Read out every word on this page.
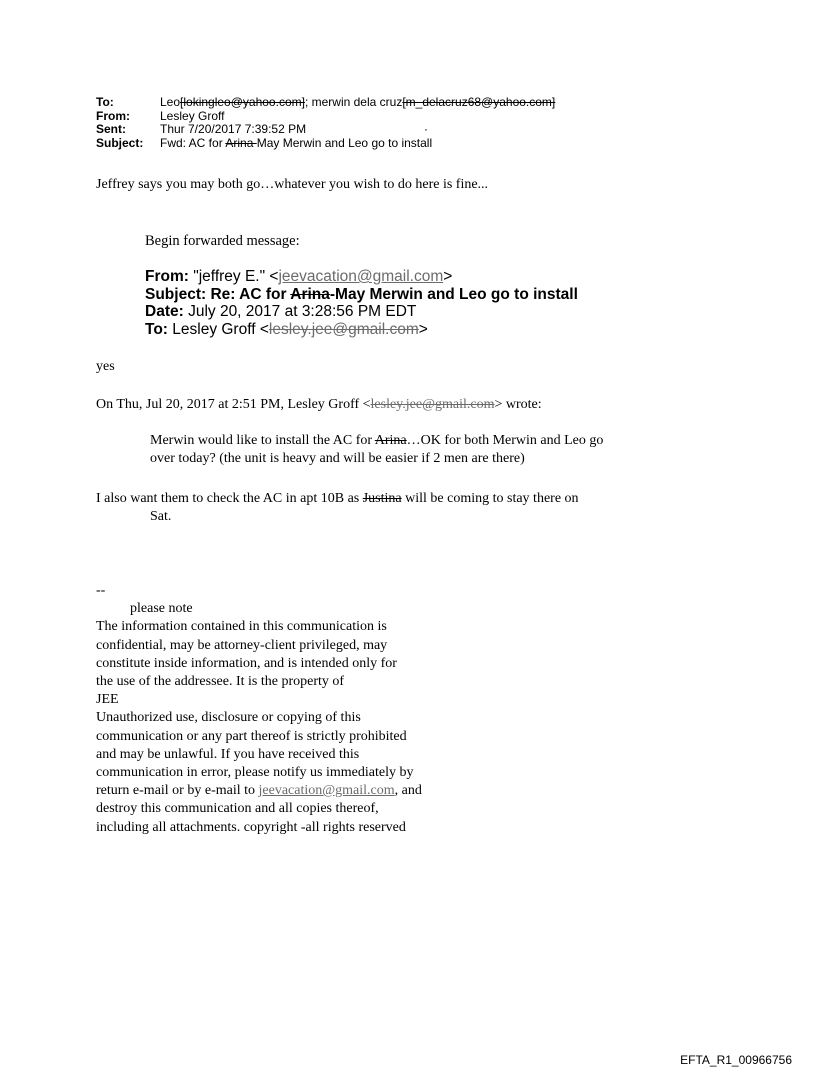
To:	Leo[lokingleo@yahoo.com]; merwin dela cruz[m_delacruz68@yahoo.com]
From:	Lesley Groff
Sent:	Thur 7/20/2017 7:39:52 PM
Subject:	Fwd: AC for Arina May Merwin and Leo go to install
·
Jeffrey says you may both go…whatever you wish to do here is fine...
Begin forwarded message:
From: "jeffrey E." <jeevacation@gmail.com>
Subject: Re: AC for Arina-May Merwin and Leo go to install
Date: July 20, 2017 at 3:28:56 PM EDT
To: Lesley Groff <lesley.jee@gmail.com>
yes
On Thu, Jul 20, 2017 at 2:51 PM, Lesley Groff <lesley.jee@gmail.com> wrote:
Merwin would like to install the AC for Arina…OK for both Merwin and Leo go
over today? (the unit is heavy and will be easier if 2 men are there)
I also want them to check the AC in apt 10B as Justina will be coming to stay there on
Sat.
--
please note
The information contained in this communication is
confidential, may be attorney-client privileged, may
constitute inside information, and is intended only for
the use of the addressee. It is the property of
JEE
Unauthorized use, disclosure or copying of this
communication or any part thereof is strictly prohibited
and may be unlawful. If you have received this
communication in error, please notify us immediately by
return e-mail or by e-mail to jeevacation@gmail.com, and
destroy this communication and all copies thereof,
including all attachments. copyright -all rights reserved
EFTA_R1_00966756
